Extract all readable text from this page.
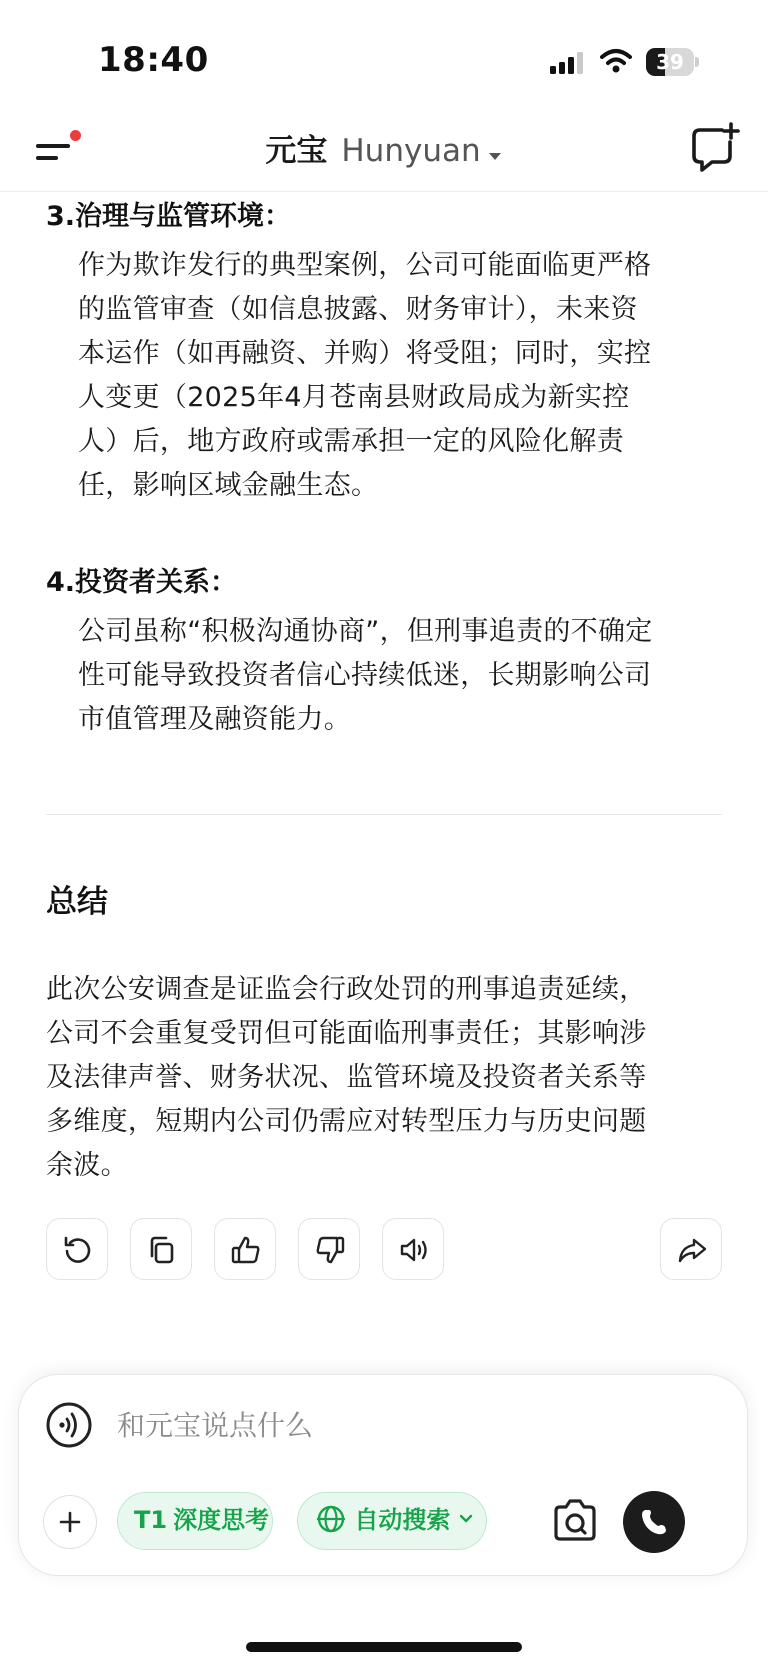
18:40	39
元宝 Hunyuan
3.治理与监管环境：
作为欺诈发行的典型案例，公司可能面临更严格
的监管审查（如信息披露、财务审计），未来资
本运作（如再融资、并购）将受阻；同时，实控
人变更（2025年4月苍南县财政局成为新实控
人）后，地方政府或需承担一定的风险化解责
任，影响区域金融生态。
4.投资者关系：
公司虽称“积极沟通协商”，但刑事追责的不确定
性可能导致投资者信心持续低迷，长期影响公司
市值管理及融资能力。
总结
此次公安调查是证监会行政处罚的刑事追责延续，
公司不会重复受罚但可能面临刑事责任；其影响涉
及法律声誉、财务状况、监管环境及投资者关系等
多维度，短期内公司仍需应对转型压力与历史问题
余波。
和元宝说点什么
T1 深度思考	自动搜索
